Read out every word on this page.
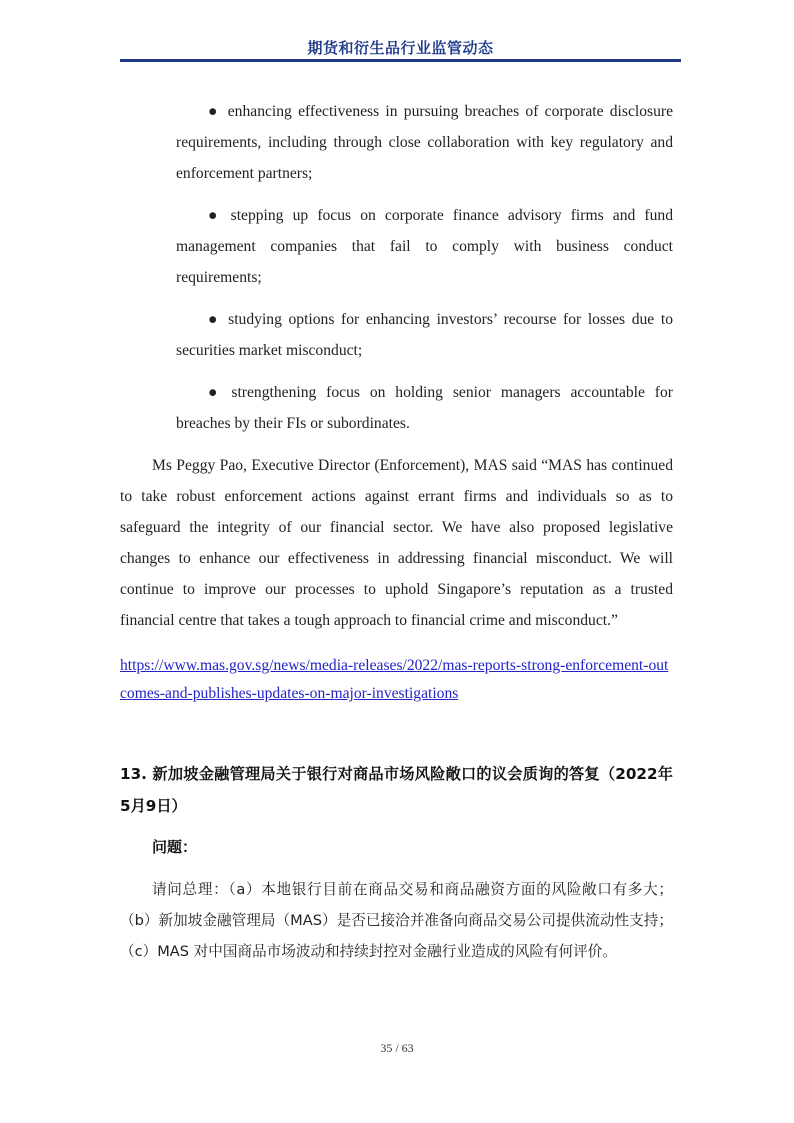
期货和衍生品行业监管动态

● enhancing effectiveness in pursuing breaches of corporate disclosure requirements, including through close collaboration with key regulatory and enforcement partners;

● stepping up focus on corporate finance advisory firms and fund management companies that fail to comply with business conduct requirements;

● studying options for enhancing investors’ recourse for losses due to securities market misconduct;

● strengthening focus on holding senior managers accountable for breaches by their FIs or subordinates.

Ms Peggy Pao, Executive Director (Enforcement), MAS said “MAS has continued to take robust enforcement actions against errant firms and individuals so as to safeguard the integrity of our financial sector. We have also proposed legislative changes to enhance our effectiveness in addressing financial misconduct. We will continue to improve our processes to uphold Singapore’s reputation as a trusted financial centre that takes a tough approach to financial crime and misconduct.”

https://www.mas.gov.sg/news/media-releases/2022/mas-reports-strong-enforcement-outcomes-and-publishes-updates-on-major-investigations
13. 新加坡金融管理局关于银行对商品市场风险敞口的议会质询的答复（2022年5月9日）

问题：

请问总理：（a）本地银行目前在商品交易和商品融资方面的风险敞口有多大；（b）新加坡金融管理局（MAS）是否已接洽并准备向商品交易公司提供流动性支持；（c）MAS 对中国商品市场波动和持续封控对金融行业造成的风险有何评价。

35 / 63
